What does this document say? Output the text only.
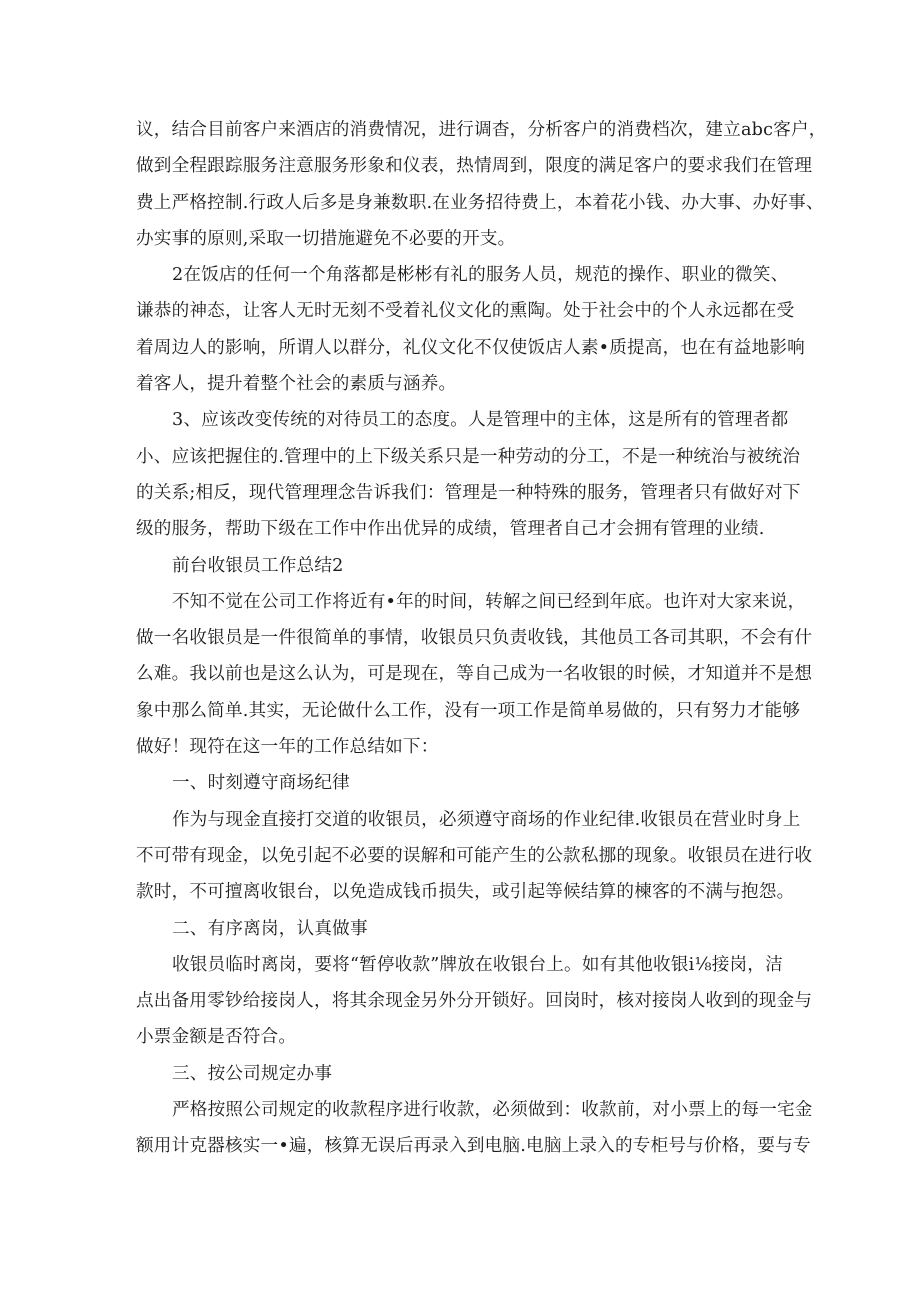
议，结合目前客户来酒店的消费情况，进行调杳，分析客户的消费档次，建立abc客户，
做到全程跟踪服务注意服务形象和仪表，热情周到，限度的满足客户的要求我们在管理
费上严格控制.行政人后多是身兼数职.在业务招待费上，本着花小钱、办大事、办好事、
办实事的原则,采取一切措施避免不必要的开支。
2在饭店的任何一个角落都是彬彬有礼的服务人员，规范的操作、职业的微笑、
谦恭的神态，让客人无时无刻不受着礼仪文化的熏陶。处于社会中的个人永远都在受
着周边人的影响，所谓人以群分，礼仪文化不仅使饭店人素•质提高，也在有益地影响
着客人，提升着整个社会的素质与涵养。
3、应该改变传统的对待员工的态度。人是管理中的主体，这是所有的管理者都
小、应该把握住的.管理中的上下级关系只是一种劳动的分工，不是一种统治与被统治
的关系;相反，现代管理理念告诉我们：管理是一种特殊的服务，管理者只有做好对下
级的服务，帮助下级在工作中作出优异的成绩，管理者自己才会拥有管理的业绩.
前台收银员工作总结2
不知不觉在公司工作将近有•年的时间，转解之间已经到年底。也许对大家来说，
做一名收银员是一件很简单的事情，收银员只负责收钱，其他员工各司其职，不会有什
么难。我以前也是这么认为，可是现在，等自己成为一名收银的时候，才知道并不是想
象中那么简单.其实，无论做什么工作，没有一项工作是简单易做的，只有努力才能够
做好！现符在这一年的工作总结如下：
一、时刻遵守商场纪律
作为与现金直接打交道的收银员，必须遵守商场的作业纪律.收银员在营业时身上
不可带有现金，以免引起不必要的误解和可能产生的公款私挪的现象。收银员在进行收
款时，不可擅离收银台，以免造成钱币损失，或引起等候结算的楝客的不满与抱怨。
二、有序离岗，认真做事
收银员临时离岗，要将“暂停收款”牌放在收银台上。如有其他收银i⅛接岗，洁
点出备用零钞给接岗人，将其余现金另外分开锁好。回岗时，核对接岗人收到的现金与
小票金额是否符合。
三、按公司规定办事
严格按照公司规定的收款程序进行收款，必须做到：收款前，对小票上的每一宅金
额用计克器核实一•遍，核算无误后再录入到电脑.电脑上录入的专柜号与价格，要与专
